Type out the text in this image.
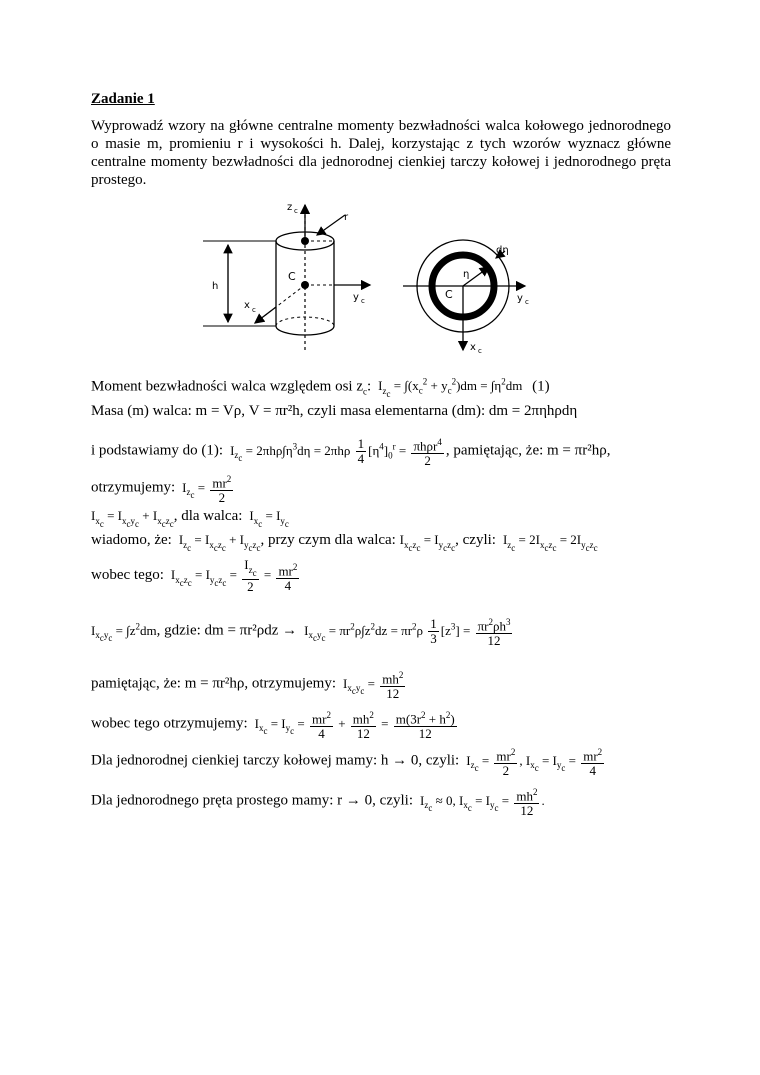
Zadanie 1
Wyprowadź wzory na główne centralne momenty bezwładności walca kołowego jednorodnego o masie m, promieniu r i wysokości h. Dalej, korzystając z tych wzorów wyznacz główne centralne momenty bezwładności dla jednorodnej cienkiej tarczy kołowej i jednorodnego pręta prostego.
z c
r
h
C
x c
y c	C
η
dη
y c
x c
Moment bezwładności walca względem osi $z_c$:  $I_{z_c} = \int(x_c^2 + y_c^2)dm = \int\eta^2dm$   (1)
Masa (m) walca: m = Vρ, V = πr²h, czyli masa elementarna (dm): dm = 2πηhρdη
i podstawiamy do (1):  $I_{z_c} = 2\pi h\rho\int\eta^3d\eta = 2\pi h\rho \frac{1}{4} [\eta^4]_0^r = \frac{\pi h\rho r^4}{2}$ , pamiętając, że: m = πr²hρ,
otrzymujemy:  $I_{z_c} = \frac{mr^2}{2}$
$I_{x_c} = I_{x_cy_c} + I_{x_cz_c}$, dla walca:  $I_{x_c} = I_{y_c}$
wiadomo, że:  $I_{z_c} = I_{x_cz_c} + I_{y_cz_c}$, przy czym dla walca: $I_{x_cz_c} = I_{y_cz_c}$, czyli:  $I_{z_c} = 2I_{x_cz_c} = 2I_{y_cz_c}$
wobec tego:  $I_{x_cz_c} = I_{y_cz_c} = \frac{I_{z_c}}{2} = \frac{mr^2}{4}$
$I_{x_cy_c} = \int z^2dm$, gdzie: dm = $\pi r^2\rho dz \to I_{x_cy_c} = \pi r^2\rho\int z^2dz = \pi r^2\rho \frac{1}{3} [z^3] = \frac{\pi r^2\rho h^3}{12}$
pamiętając, że: m = πr²hρ, otrzymujemy:  $I_{x_cy_c} = \frac{mh^2}{12}$
wobec tego otrzymujemy:  $I_{x_c} = I_{y_c} = \frac{mr^2}{4} + \frac{mh^2}{12} = \frac{m(3r^2 + h^2)}{12}$
Dla jednorodnej cienkiej tarczy kołowej mamy: h → 0, czyli:  $I_{z_c} = \frac{mr^2}{2}$ , $I_{x_c} = I_{y_c} = \frac{mr^2}{4}$
Dla jednorodnego pręta prostego mamy: r → 0, czyli:  $I_{z_c} \approx 0$, $I_{x_c} = I_{y_c} = \frac{mh^2}{12}$ .
